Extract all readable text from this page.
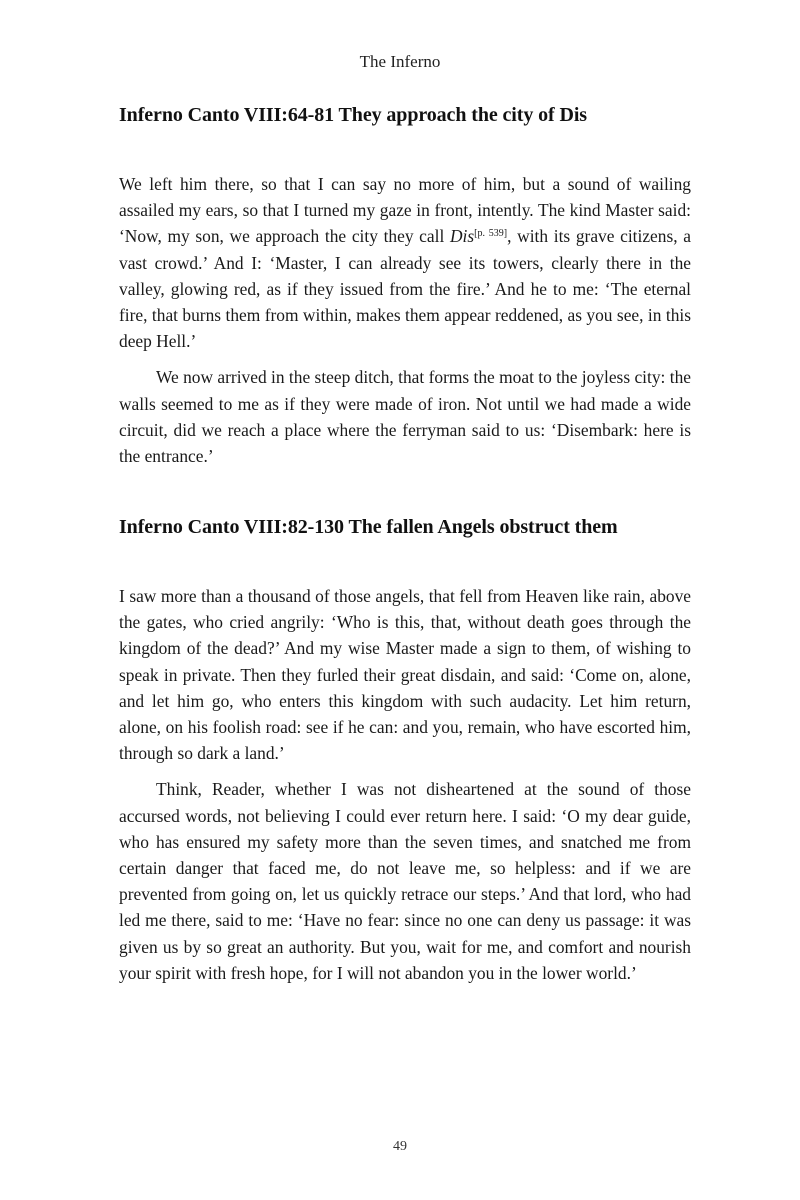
The Inferno
Inferno Canto VIII:64-81 They approach the city of Dis

We left him there, so that I can say no more of him, but a sound of wailing assailed my ears, so that I turned my gaze in front, intently. The kind Master said: ‘Now, my son, we approach the city they call Dis[p. 539], with its grave citizens, a vast crowd.’ And I: ‘Master, I can already see its towers, clearly there in the valley, glowing red, as if they issued from the fire.’ And he to me: ‘The eternal fire, that burns them from within, makes them appear reddened, as you see, in this deep Hell.’

We now arrived in the steep ditch, that forms the moat to the joyless city: the walls seemed to me as if they were made of iron. Not until we had made a wide circuit, did we reach a place where the ferryman said to us: ‘Disembark: here is the entrance.’

Inferno Canto VIII:82-130 The fallen Angels obstruct them

I saw more than a thousand of those angels, that fell from Heaven like rain, above the gates, who cried angrily: ‘Who is this, that, without death goes through the kingdom of the dead?’ And my wise Master made a sign to them, of wishing to speak in private. Then they furled their great disdain, and said: ‘Come on, alone, and let him go, who enters this kingdom with such audacity. Let him return, alone, on his foolish road: see if he can: and you, remain, who have escorted him, through so dark a land.’

Think, Reader, whether I was not disheartened at the sound of those accursed words, not believing I could ever return here. I said: ‘O my dear guide, who has ensured my safety more than the seven times, and snatched me from certain danger that faced me, do not leave me, so helpless: and if we are prevented from going on, let us quickly retrace our steps.’ And that lord, who had led me there, said to me: ‘Have no fear: since no one can deny us passage: it was given us by so great an authority. But you, wait for me, and comfort and nourish your spirit with fresh hope, for I will not abandon you in the lower world.’

49
